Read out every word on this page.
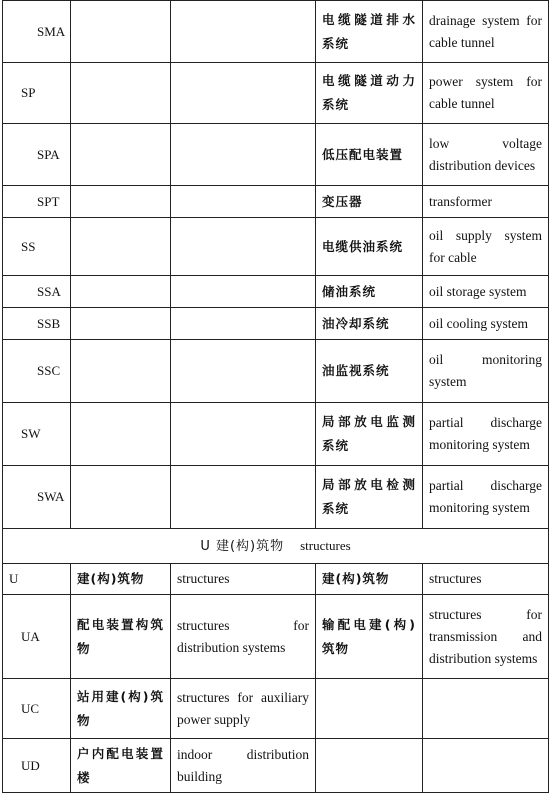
SMA			电缆隧道排水系统	drainage system for cable tunnel
SP			电缆隧道动力系统	power system for cable tunnel
SPA			低压配电装置	low voltage distribution devices
SPT			变压器	transformer
SS			电缆供油系统	oil supply system for cable
SSA			储油系统	oil storage system
SSB			油冷却系统	oil cooling system
SSC			油监视系统	oil monitoring system
SW			局部放电监测系统	partial discharge monitoring system
SWA			局部放电检测系统	partial discharge monitoring system
U 建(构)筑物 structures				
U	建(构)筑物	structures	建(构)筑物	structures
UA	配电装置构筑物	structures for distribution systems	输配电建(构)筑物	structures for transmission and distribution systems
UC	站用建(构)筑物	structures for auxiliary power supply		
UD	户内配电装置楼	indoor distribution building		
